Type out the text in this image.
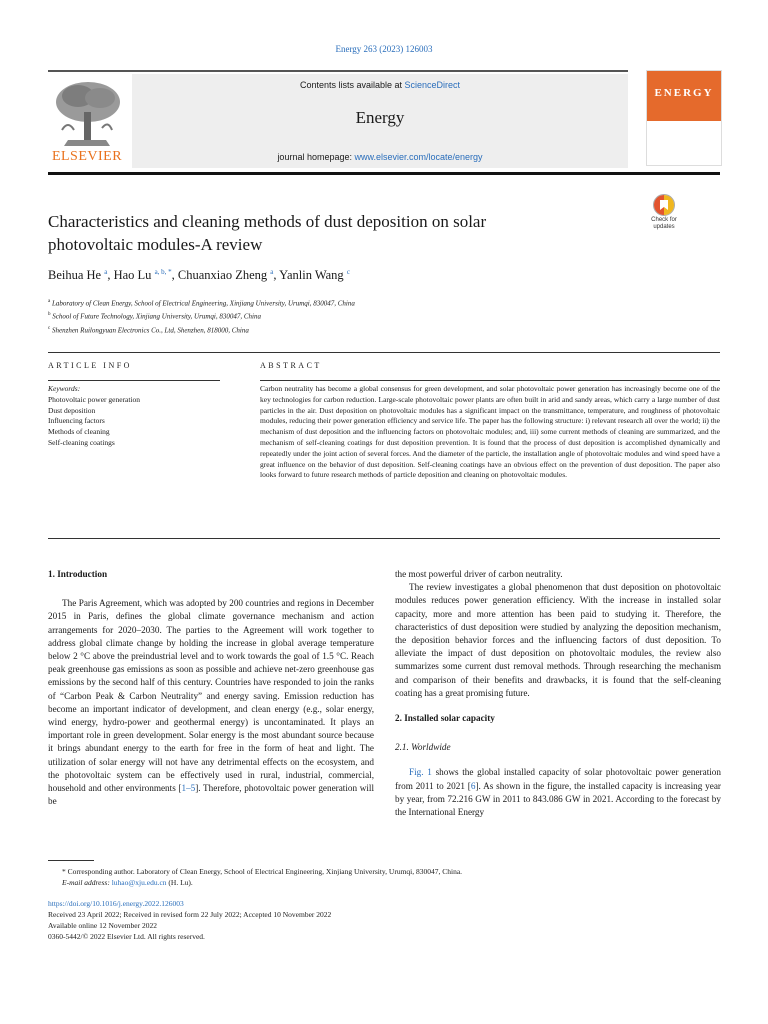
Energy 263 (2023) 126003
ELSEVIER
Contents lists available at ScienceDirect
Energy
journal homepage: www.elsevier.com/locate/energy
ENERGY
Check for updates
Characteristics and cleaning methods of dust deposition on solar
photovoltaic modules-A review
Beihua He $^a$, Hao Lu $^{a, b, *}$, Chuanxiao Zheng $^a$, Yanlin Wang $^c$
$^a$ Laboratory of Clean Energy, School of Electrical Engineering, Xinjiang University, Urumqi, 830047, China
$^b$ School of Future Technology, Xinjiang University, Urumqi, 830047, China
$^c$ Shenzhen Ruilongyuan Electronics Co., Ltd, Shenzhen, 818000, China
ARTICLE INFO	ABSTRACT
Keywords:
Photovoltaic power generation
Dust deposition
Influencing factors
Methods of cleaning
Self-cleaning coatings
Carbon neutrality has become a global consensus for green development, and solar photovoltaic power generation has increasingly become one of the key technologies for carbon reduction. Large-scale photovoltaic power plants are often built in arid and sandy areas, which carry a large number of dust particles in the air. Dust deposition on photovoltaic modules has a significant impact on the transmittance, temperature, and roughness of photovoltaic modules, reducing their power generation efficiency and service life. The paper has the following structure: i) relevant research all over the world; ii) the mechanism of dust deposition and the influencing factors on photovoltaic modules; and, iii) some current methods of cleaning are summarized, and the mechanism of self-cleaning coatings for dust deposition prevention. It is found that the process of dust deposition is accomplished dynamically and repeatedly under the joint action of several forces. And the diameter of the particle, the installation angle of photovoltaic modules and wind speed have a great influence on the behavior of dust deposition. Self-cleaning coatings have an obvious effect on the prevention of dust deposition. The paper also looks forward to future research methods of particle deposition and cleaning on photovoltaic modules.
1. Introduction

The Paris Agreement, which was adopted by 200 countries and regions in December 2015 in Paris, defines the global climate governance mechanism and action arrangements for 2020–2030. The parties to the Agreement will work together to address global climate change by holding the increase in global average temperature below 2 °C above the preindustrial level and to work towards the goal of 1.5 °C. Reach peak greenhouse gas emissions as soon as possible and achieve net-zero greenhouse gas emissions by the second half of this century. Countries have responded to join the ranks of “Carbon Peak & Carbon Neutrality” and energy saving. Emission reduction has become an important indicator of development, and clean energy (e.g., solar energy, wind energy, hydro-power and geothermal energy) is uncontaminated. It plays an important role in green development. Solar energy is the most abundant source because it brings abundant energy to the earth for free in the form of heat and light. The utilization of solar energy will not have any detrimental effects on the ecosystem, and the photovoltaic system can be effectively used in rural, industrial, commercial, household and other environments [1–5]. Therefore, photovoltaic power generation will be

the most powerful driver of carbon neutrality.

The review investigates a global phenomenon that dust deposition on photovoltaic modules reduces power generation efficiency. With the increase in installed solar capacity, more and more attention has been paid to studying it. Therefore, the characteristics of dust deposition were studied by analyzing the deposition mechanism, the deposition behavior forces and the influencing factors of dust deposition. To alleviate the impact of dust deposition on photovoltaic modules, the review also summarizes some current dust removal methods. Through researching the mechanism and comparison of their benefits and drawbacks, it is found that the self-cleaning coating has a great promising future.

2. Installed solar capacity
2.1. Worldwide

Fig. 1 shows the global installed capacity of solar photovoltaic power generation from 2011 to 2021 [6]. As shown in the figure, the installed capacity is increasing year by year, from 72.216 GW in 2011 to 843.086 GW in 2021. According to the forecast by the International Energy

* Corresponding author. Laboratory of Clean Energy, School of Electrical Engineering, Xinjiang University, Urumqi, 830047, China.
E-mail address: luhao@xju.edu.cn (H. Lu).
https://doi.org/10.1016/j.energy.2022.126003
Received 23 April 2022; Received in revised form 22 July 2022; Accepted 10 November 2022
Available online 12 November 2022
0360-5442/© 2022 Elsevier Ltd. All rights reserved.
